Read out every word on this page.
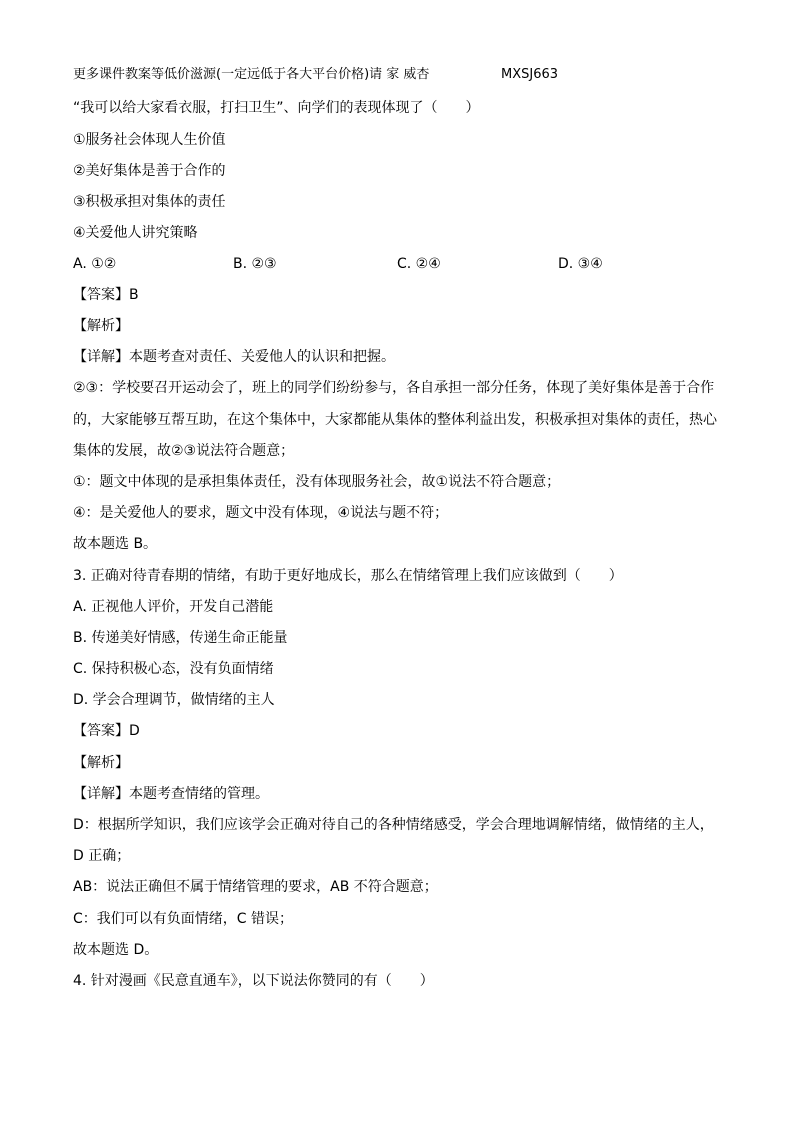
更多课件教案等低价滋源(一定远低于各大平台价格)请 家 威杏	MXSJ663
“我可以给大家看衣服，打扫卫生”、向学们的表现体现了（　　）
①服务社会体现人生价值
②美好集体是善于合作的
③积极承担对集体的责任
④关爱他人讲究策略
A. ①②	B. ②③	C. ②④	D. ③④
【答案】B
【解析】
【详解】本题考查对责任、关爱他人的认识和把握。
②③：学校要召开运动会了，班上的同学们纷纷参与，各自承担一部分任务，体现了美好集体是善于合作
的，大家能够互帮互助，在这个集体中，大家都能从集体的整体利益出发，积极承担对集体的责任，热心
集体的发展，故②③说法符合题意；
①：题文中体现的是承担集体责任，没有体现服务社会，故①说法不符合题意；
④：是关爱他人的要求，题文中没有体现，④说法与题不符；
故本题选 B。
3. 正确对待青春期的情绪，有助于更好地成长，那么在情绪管理上我们应该做到（　　）
A. 正视他人评价，开发自己潜能
B. 传递美好情感，传递生命正能量
C. 保持积极心态，没有负面情绪
D. 学会合理调节，做情绪的主人
【答案】D
【解析】
【详解】本题考查情绪的管理。
D：根据所学知识，我们应该学会正确对待自己的各种情绪感受，学会合理地调解情绪，做情绪的主人，
D 正确；
AB：说法正确但不属于情绪管理的要求，AB 不符合题意；
C：我们可以有负面情绪，C 错误；
故本题选 D。
4. 针对漫画《民意直通车》，以下说法你赞同的有（　　）
